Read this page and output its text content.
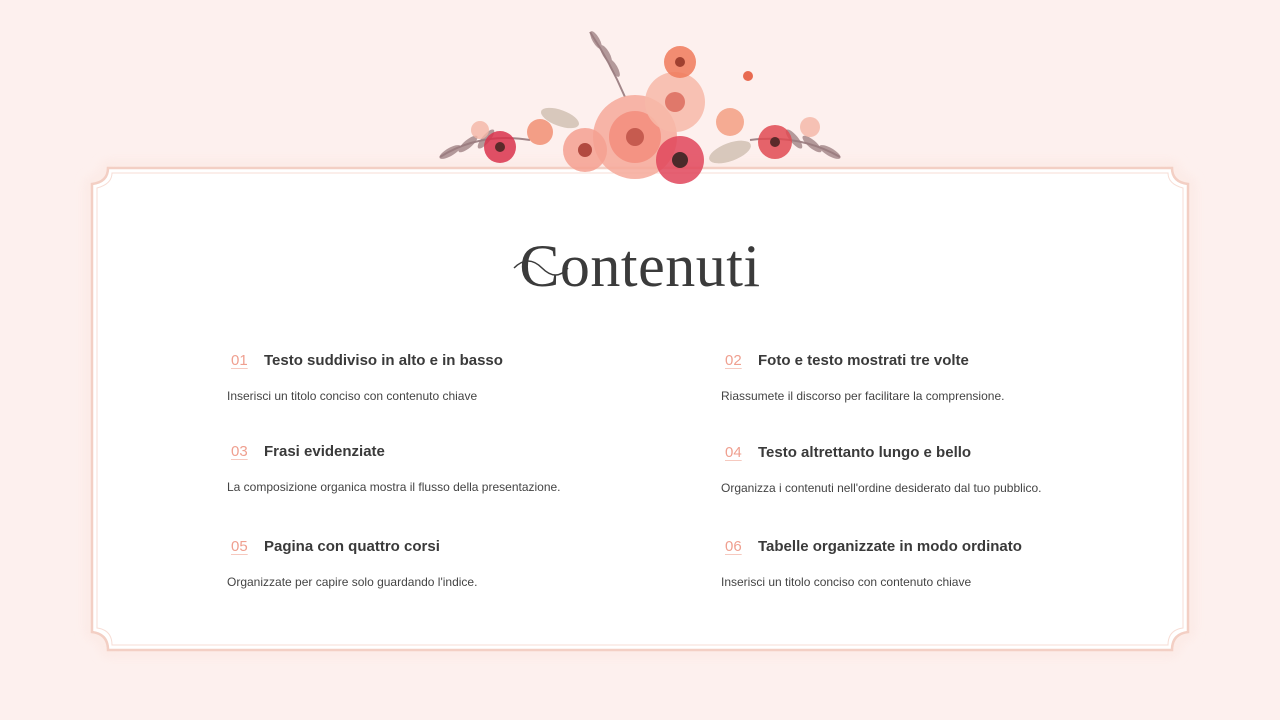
Contenuti
01	Testo suddiviso in alto e in basso
Inserisci un titolo conciso con contenuto chiave
02	Foto e testo mostrati tre volte
Riassumete il discorso per facilitare la comprensione.
03	Frasi evidenziate
La composizione organica mostra il flusso della presentazione.
04	Testo altrettanto lungo e bello
Organizza i contenuti nell'ordine desiderato dal tuo pubblico.
05	Pagina con quattro corsi
Organizzate per capire solo guardando l'indice.
06	Tabelle organizzate in modo ordinato
Inserisci un titolo conciso con contenuto chiave
